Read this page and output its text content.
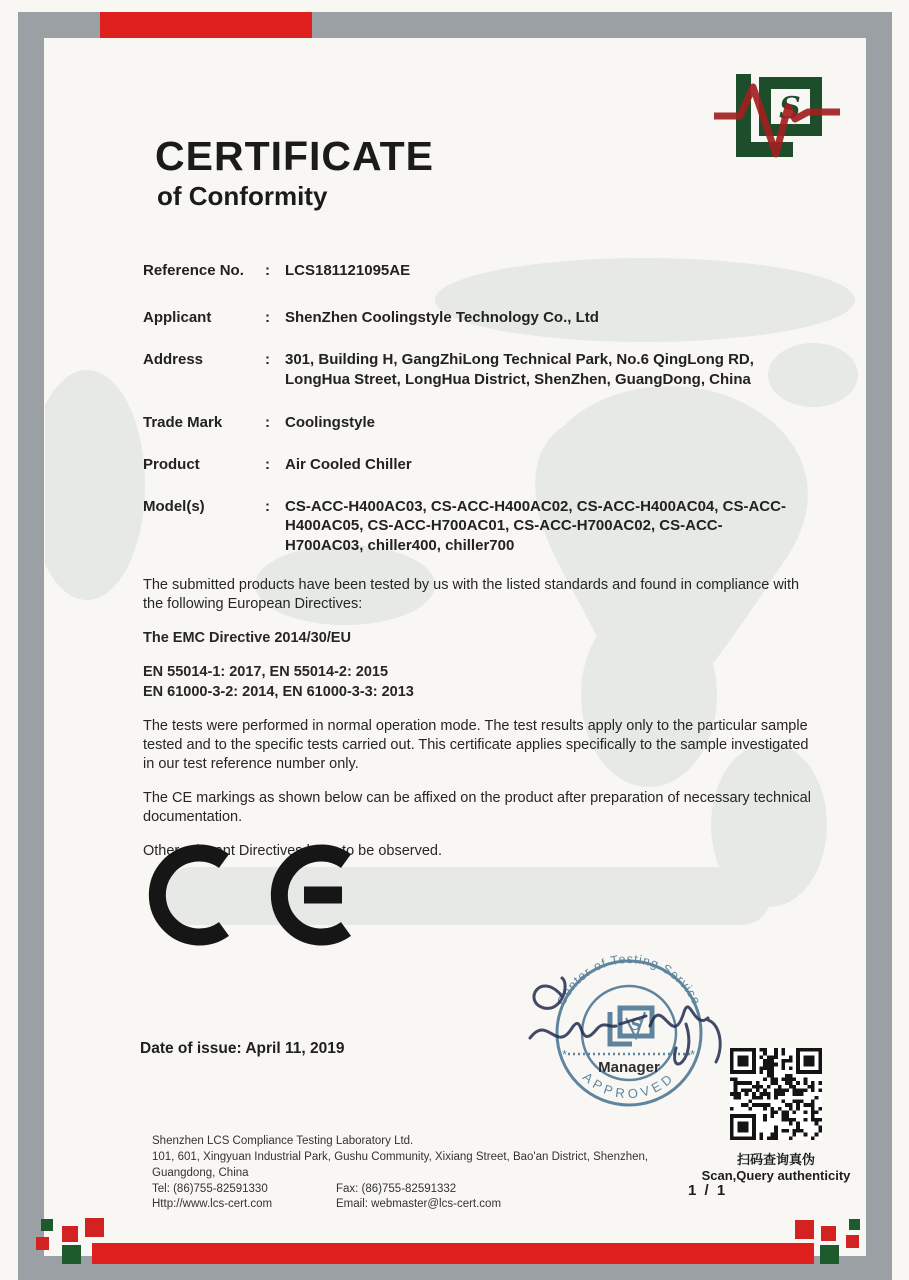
S
CERTIFICATE
of Conformity
Reference No.	:	LCS181121095AE
Applicant	:	ShenZhen Coolingstyle Technology Co., Ltd
Address	:	301, Building H, GangZhiLong Technical Park, No.6 QingLong RD, LongHua Street, LongHua District, ShenZhen, GuangDong, China
Trade Mark	:	Coolingstyle
Product	:	Air Cooled Chiller
Model(s)	:	CS-ACC-H400AC03, CS-ACC-H400AC02, CS-ACC-H400AC04, CS-ACC-H400AC05, CS-ACC-H700AC01, CS-ACC-H700AC02, CS-ACC-H700AC03, chiller400, chiller700

The submitted products have been tested by us with the listed standards and found in compliance with the following European Directives:

The EMC Directive 2014/30/EU

EN 55014-1: 2017, EN 55014-2: 2015
EN 61000-3-2: 2014, EN 61000-3-3: 2013

The tests were performed in normal operation mode. The test results apply only to the particular sample tested and to the specific tests carried out. This certificate applies specifically to the sample investigated in our test reference number only.

The CE markings as shown below can be affixed on the product after preparation of necessary technical documentation.

Other relevant Directives have to be observed.

Center of Testing Service
APPROVED
*	*
S
Manager
Date of issue: April 11, 2019
扫码查询真伪
Scan,Query authenticity
Shenzhen LCS Compliance Testing Laboratory Ltd.
101, 601, Xingyuan Industrial Park, Gushu Community, Xixiang Street, Bao'an District, Shenzhen,
Guangdong, China
Tel: (86)755-82591330	Fax: (86)755-82591332
Http://www.lcs-cert.com	Email: webmaster@lcs-cert.com
1 / 1
